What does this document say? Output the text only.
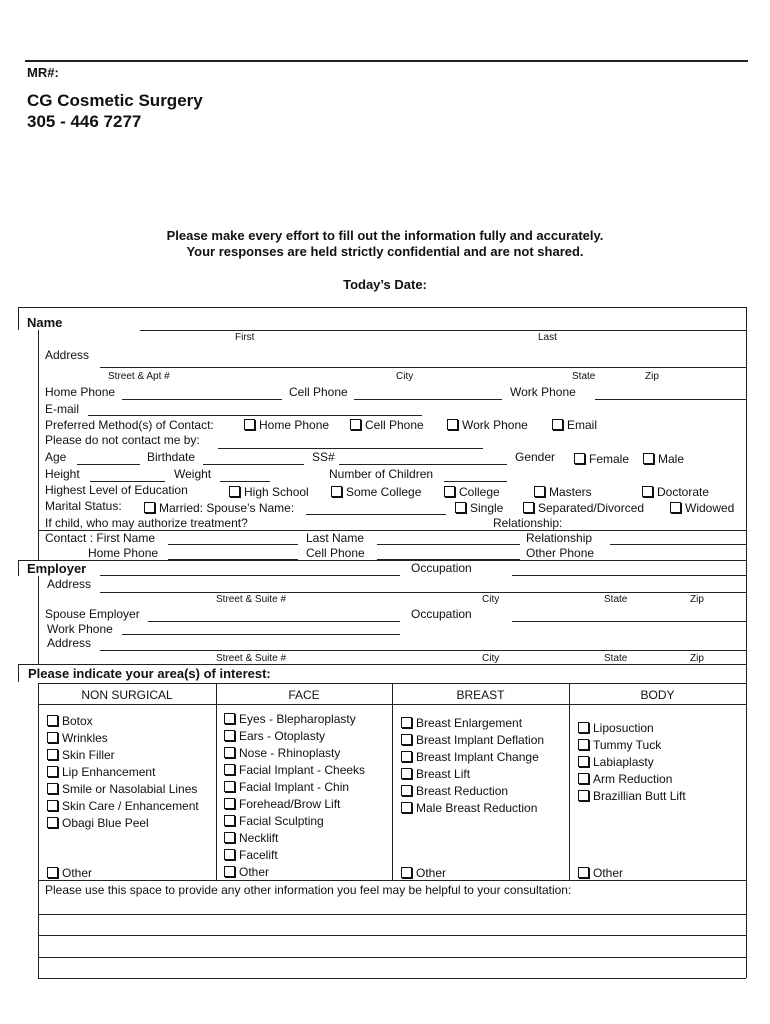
MR#:
CG Cosmetic Surgery
305 - 446 7277
Please make every effort to fill out the information fully and accurately.
Your responses are held strictly confidential and are not shared.
Today’s Date:
Name
First	Last
Address
Street & Apt #	City	State	Zip
Home Phone	Cell Phone	Work Phone
E-mail
Preferred Method(s) of Contact:	Home Phone	Cell Phone	Work Phone	Email
Please do not contact me by:
Age	Birthdate	SS#	Gender	Female	Male
Height	Weight	Number of Children
Highest Level of Education	High School	Some College	College	Masters	Doctorate
Marital Status:	Married: Spouse’s Name:	Single	Separated/Divorced	Widowed
If child, who may authorize treatment?	Relationship:
Contact : First Name	Last Name	Relationship
Home Phone	Cell Phone	Other Phone
Employer	Occupation
Address
Street & Suite #	City	State	Zip
Spouse Employer	Occupation
Work Phone
Address
Street & Suite #	City	State	Zip
Please indicate your area(s) of interest:
NON SURGICAL	FACE	BREAST	BODY
Botox
Wrinkles
Skin Filler
Lip Enhancement
Smile or Nasolabial Lines
Skin Care / Enhancement
Obagi Blue Peel
Other
Eyes - Blepharoplasty
Ears - Otoplasty
Nose - Rhinoplasty
Facial Implant - Cheeks
Facial Implant - Chin
Forehead/Brow Lift
Facial Sculpting
Necklift
Facelift
Other
Breast Enlargement
Breast Implant Deflation
Breast Implant Change
Breast Lift
Breast Reduction
Male Breast Reduction
Other
Liposuction
Tummy Tuck
Labiaplasty
Arm Reduction
Brazillian Butt Lift
Other
Please use this space to provide any other information you feel may be helpful to your consultation:
